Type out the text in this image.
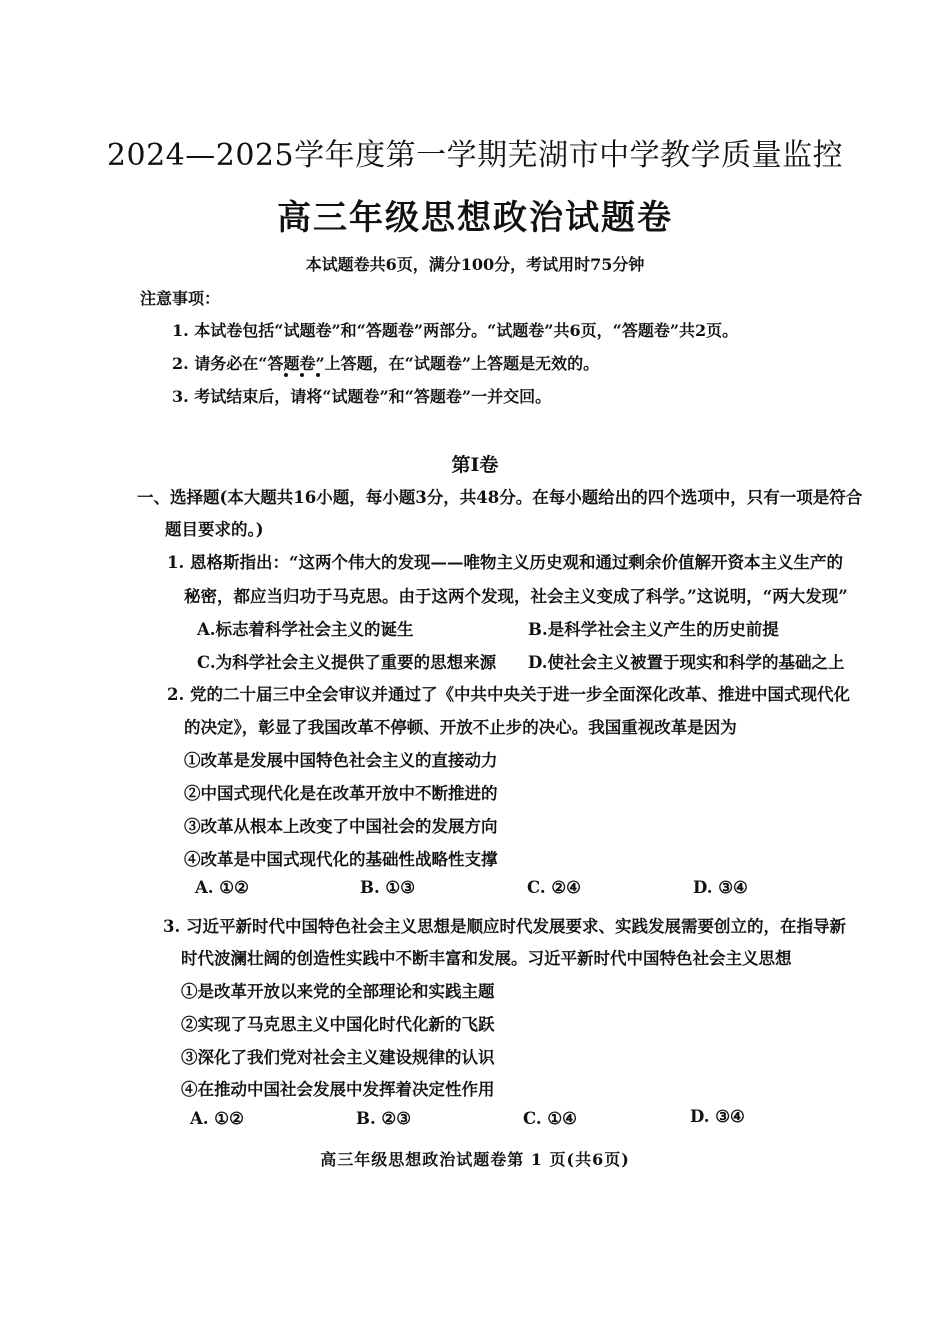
2024—2025学年度第一学期芜湖市中学教学质量监控
高三年级思想政治试题卷
本试题卷共6页，满分100分，考试用时75分钟
注意事项：
1. 本试卷包括“试题卷”和“答题卷”两部分。“试题卷”共6页，“答题卷”共2页。
2. 请务必在“答题卷”上答题，在“试题卷”上答题是无效的。
3. 考试结束后，请将“试题卷”和“答题卷”一并交回。
第Ⅰ卷
一、选择题(本大题共16小题，每小题3分，共48分。在每小题给出的四个选项中，只有一项是符合
题目要求的。)
1. 恩格斯指出：“这两个伟大的发现——唯物主义历史观和通过剩余价值解开资本主义生产的
秘密，都应当归功于马克思。由于这两个发现，社会主义变成了科学。”这说明，“两大发现”
A.标志着科学社会主义的诞生	B.是科学社会主义产生的历史前提
C.为科学社会主义提供了重要的思想来源 D.使社会主义被置于现实和科学的基础之上
2. 党的二十届三中全会审议并通过了《中共中央关于进一步全面深化改革、推进中国式现代化
的决定》，彰显了我国改革不停顿、开放不止步的决心。我国重视改革是因为
①改革是发展中国特色社会主义的直接动力
②中国式现代化是在改革开放中不断推进的
③改革从根本上改变了中国社会的发展方向
④改革是中国式现代化的基础性战略性支撑
A. ①②	B. ①③	C. ②④	D. ③④
3. 习近平新时代中国特色社会主义思想是顺应时代发展要求、实践发展需要创立的，在指导新
时代波澜壮阔的创造性实践中不断丰富和发展。习近平新时代中国特色社会主义思想
①是改革开放以来党的全部理论和实践主题
②实现了马克思主义中国化时代化新的飞跃
③深化了我们党对社会主义建设规律的认识
④在推动中国社会发展中发挥着决定性作用
A. ①②	B. ②③	C. ①④	D. ③④
高三年级思想政治试题卷第 1 页(共6页)
